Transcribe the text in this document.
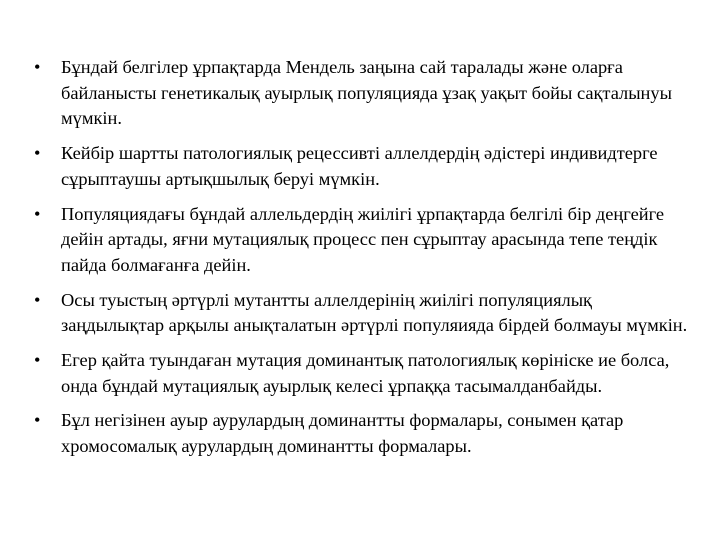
•	Бұндай белгілер ұрпақтарда Мендель заңына сай таралады және оларға байланысты генетикалық ауырлық популяцияда ұзақ уақыт бойы сақталынуы мүмкін.
•	Кейбір шартты патологиялық рецессивті аллелдердің әдістері индивидтерге сұрыптаушы артықшылық беруі мүмкін.
•	Популяциядағы бұндай аллельдердің жиілігі ұрпақтарда белгілі бір деңгейге дейін артады, яғни мутациялық процесс пен сұрыптау арасында тепе теңдік пайда болмағанға дейін.
•	Осы туыстың әртүрлі мутантты аллелдерінің жиілігі популяциялық заңдылықтар арқылы анықталатын әртүрлі популяияда бірдей болмауы мүмкін.
•	Егер қайта туындаған мутация доминантық патологиялық көрініске ие болса, онда бұндай мутациялық ауырлық келесі ұрпаққа тасымалданбайды.
•	Бұл негізінен ауыр аурулардың доминантты формалары, сонымен қатар хромосомалық аурулардың доминантты формалары.
